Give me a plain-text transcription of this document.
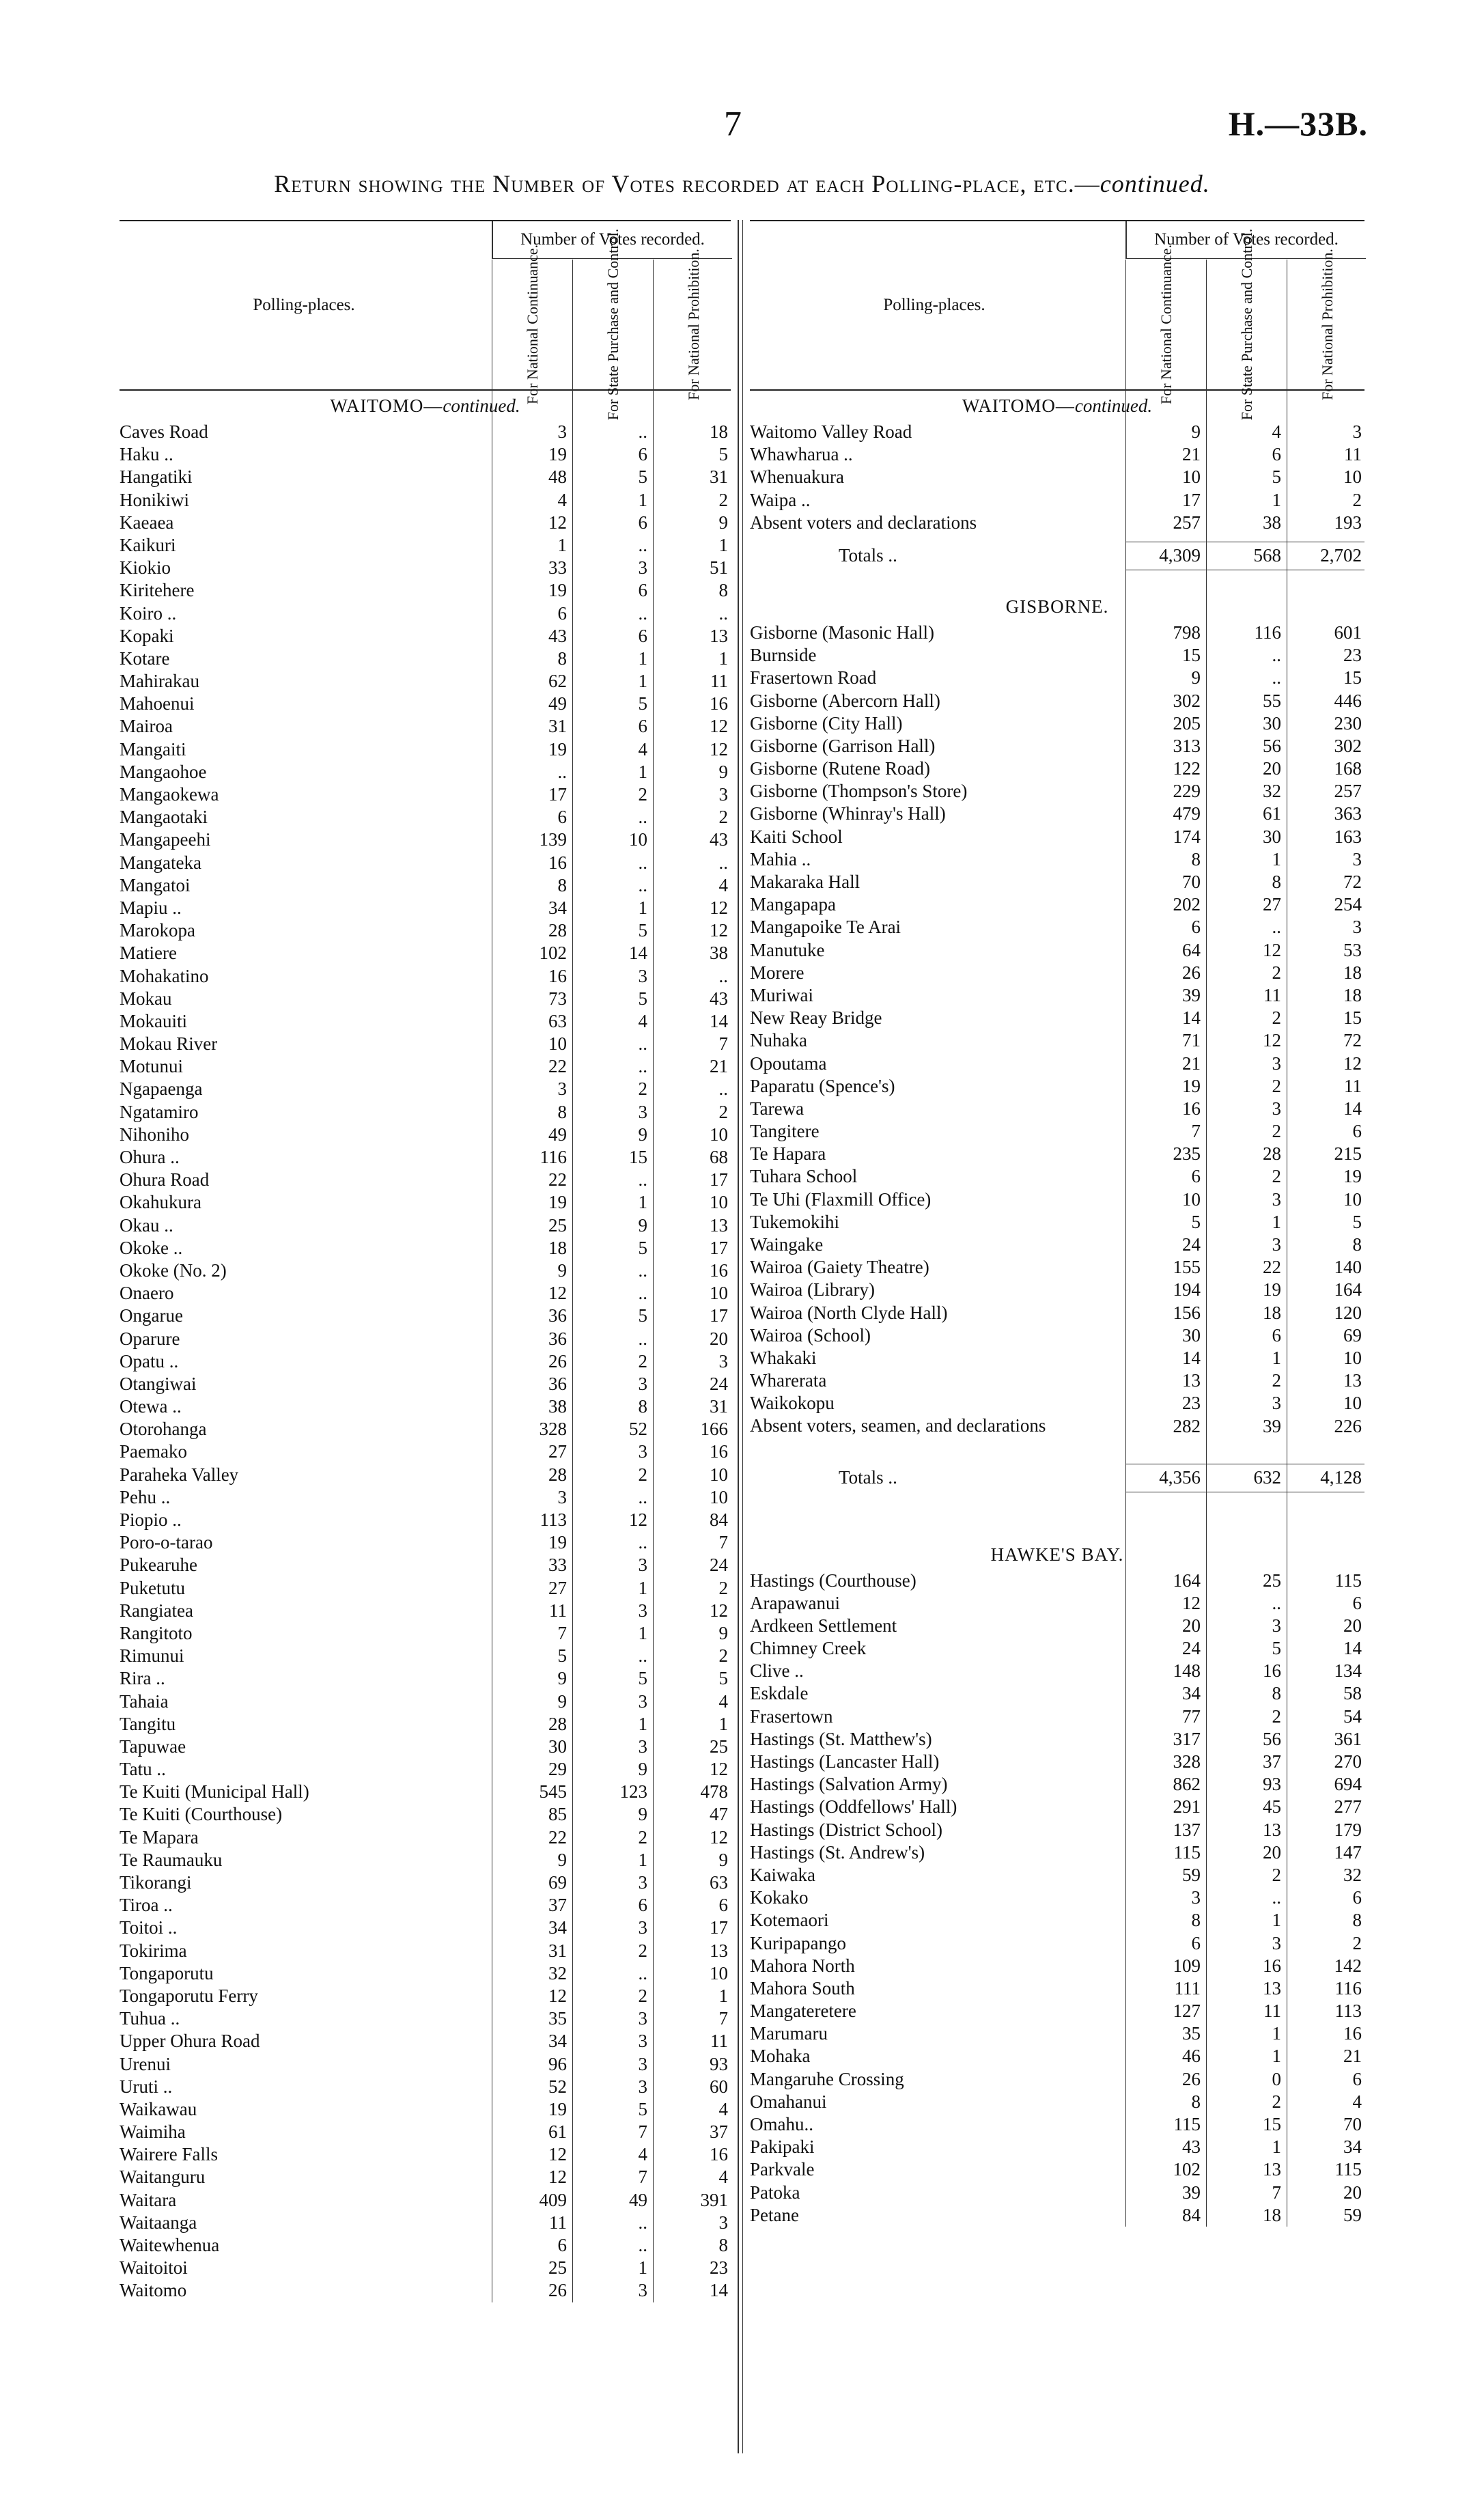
7	H.—33B.
Return showing the Number of Votes recorded at each Polling-place, etc.—continued.
Polling-places.
Number of Votes recorded.
For National Continuance.	For State Purchase and Control.	For National Prohibition.
WAITOMO—continued.
Caves Road	3	..	18
Haku ..	19	6	5
Hangatiki	48	5	31
Honikiwi	4	1	2
Kaeaea	12	6	9
Kaikuri	1	..	1
Kiokio	33	3	51
Kiritehere	19	6	8
Koiro ..	6	..	..
Kopaki	43	6	13
Kotare	8	1	1
Mahirakau	62	1	11
Mahoenui	49	5	16
Mairoa	31	6	12
Mangaiti	19	4	12
Mangaohoe	..	1	9
Mangaokewa	17	2	3
Mangaotaki	6	..	2
Mangapeehi	139	10	43
Mangateka	16	..	..
Mangatoi	8	..	4
Mapiu ..	34	1	12
Marokopa	28	5	12
Matiere	102	14	38
Mohakatino	16	3	..
Mokau	73	5	43
Mokauiti	63	4	14
Mokau River	10	..	7
Motunui	22	..	21
Ngapaenga	3	2	..
Ngatamiro	8	3	2
Nihoniho	49	9	10
Ohura ..	116	15	68
Ohura Road	22	..	17
Okahukura	19	1	10
Okau ..	25	9	13
Okoke ..	18	5	17
Okoke (No. 2)	9	..	16
Onaero	12	..	10
Ongarue	36	5	17
Oparure	36	..	20
Opatu ..	26	2	3
Otangiwai	36	3	24
Otewa ..	38	8	31
Otorohanga	328	52	166
Paemako	27	3	16
Paraheka Valley	28	2	10
Pehu ..	3	..	10
Piopio ..	113	12	84
Poro-o-tarao	19	..	7
Pukearuhe	33	3	24
Puketutu	27	1	2
Rangiatea	11	3	12
Rangitoto	7	1	9
Rimunui	5	..	2
Rira ..	9	5	5
Tahaia	9	3	4
Tangitu	28	1	1
Tapuwae	30	3	25
Tatu ..	29	9	12
Te Kuiti (Municipal Hall)	545	123	478
Te Kuiti (Courthouse)	85	9	47
Te Mapara	22	2	12
Te Raumauku	9	1	9
Tikorangi	69	3	63
Tiroa ..	37	6	6
Toitoi ..	34	3	17
Tokirima	31	2	13
Tongaporutu	32	..	10
Tongaporutu Ferry	12	2	1
Tuhua ..	35	3	7
Upper Ohura Road	34	3	11
Urenui	96	3	93
Uruti ..	52	3	60
Waikawau	19	5	4
Waimiha	61	7	37
Wairere Falls	12	4	16
Waitanguru	12	7	4
Waitara	409	49	391
Waitaanga	11	..	3
Waitewhenua	6	..	8
Waitoitoi	25	1	23
Waitomo	26	3	14
Polling-places.
Number of Votes recorded.
For National Continuance.	For State Purchase and Control.	For National Prohibition.
WAITOMO—continued.
Waitomo Valley Road	9	4	3
Whawharua ..	21	6	11
Whenuakura	10	5	10
Waipa ..	17	1	2
Absent voters and declarations	257	38	193
Totals ..	4,309	568	2,702
GISBORNE.
Gisborne (Masonic Hall)	798	116	601
Burnside	15	..	23
Frasertown Road	9	..	15
Gisborne (Abercorn Hall)	302	55	446
Gisborne (City Hall)	205	30	230
Gisborne (Garrison Hall)	313	56	302
Gisborne (Rutene Road)	122	20	168
Gisborne (Thompson's Store)	229	32	257
Gisborne (Whinray's Hall)	479	61	363
Kaiti School	174	30	163
Mahia ..	8	1	3
Makaraka Hall	70	8	72
Mangapapa	202	27	254
Mangapoike Te Arai	6	..	3
Manutuke	64	12	53
Morere	26	2	18
Muriwai	39	11	18
New Reay Bridge	14	2	15
Nuhaka	71	12	72
Opoutama	21	3	12
Paparatu (Spence's)	19	2	11
Tarewa	16	3	14
Tangitere	7	2	6
Te Hapara	235	28	215
Tuhara School	6	2	19
Te Uhi (Flaxmill Office)	10	3	10
Tukemokihi	5	1	5
Waingake	24	3	8
Wairoa (Gaiety Theatre)	155	22	140
Wairoa (Library)	194	19	164
Wairoa (North Clyde Hall)	156	18	120
Wairoa (School)	30	6	69
Whakaki	14	1	10
Wharerata	13	2	13
Waikokopu	23	3	10
Absent voters, seamen, and declarations	282	39	226
Totals ..	4,356	632	4,128
HAWKE'S BAY.
Hastings (Courthouse)	164	25	115
Arapawanui	12	..	6
Ardkeen Settlement	20	3	20
Chimney Creek	24	5	14
Clive ..	148	16	134
Eskdale	34	8	58
Frasertown	77	2	54
Hastings (St. Matthew's)	317	56	361
Hastings (Lancaster Hall)	328	37	270
Hastings (Salvation Army)	862	93	694
Hastings (Oddfellows' Hall)	291	45	277
Hastings (District School)	137	13	179
Hastings (St. Andrew's)	115	20	147
Kaiwaka	59	2	32
Kokako	3	..	6
Kotemaori	8	1	8
Kuripapango	6	3	2
Mahora North	109	16	142
Mahora South	111	13	116
Mangateretere	127	11	113
Marumaru	35	1	16
Mohaka	46	1	21
Mangaruhe Crossing	26	0	6
Omahanui	8	2	4
Omahu..	115	15	70
Pakipaki	43	1	34
Parkvale	102	13	115
Patoka	39	7	20
Petane	84	18	59
